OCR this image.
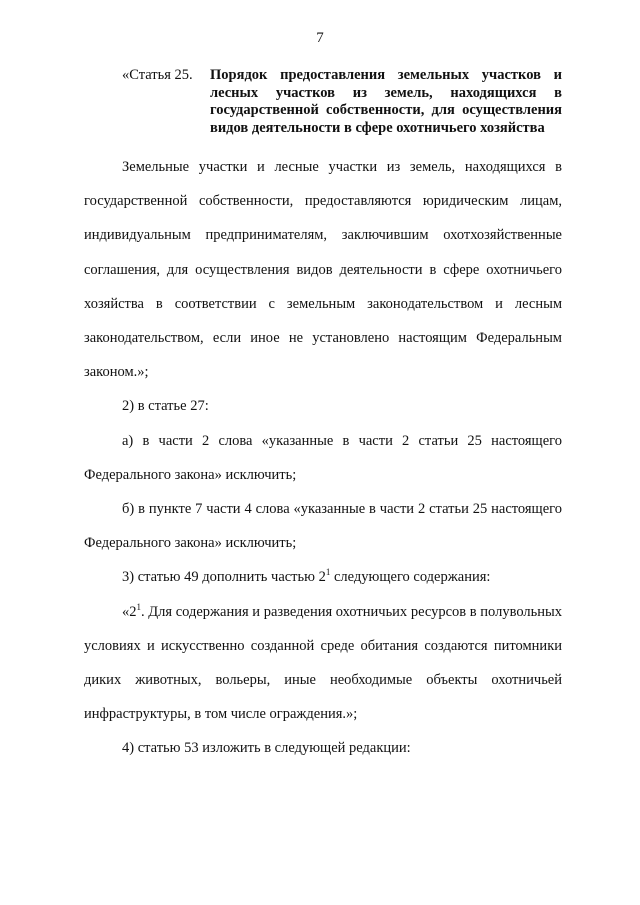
7
«Статья 25. Порядок предоставления земельных участков и лесных участков из земель, находящихся в государственной собственности, для осуществления видов деятельности в сфере охотничьего хозяйства

Земельные участки и лесные участки из земель, находящихся в государственной собственности, предоставляются юридическим лицам, индивидуальным предпринимателям, заключившим охотхозяйственные соглашения, для осуществления видов деятельности в сфере охотничьего хозяйства в соответствии с земельным законодательством и лесным законодательством, если иное не установлено настоящим Федеральным законом.»;

2) в статье 27:

а) в части 2 слова «указанные в части 2 статьи 25 настоящего Федерального закона» исключить;

б) в пункте 7 части 4 слова «указанные в части 2 статьи 25 настоящего Федерального закона» исключить;

3) статью 49 дополнить частью $2^1$ следующего содержания:

«$2^1$. Для содержания и разведения охотничьих ресурсов в полувольных условиях и искусственно созданной среде обитания создаются питомники диких животных, вольеры, иные необходимые объекты охотничьей инфраструктуры, в том числе ограждения.»;

4) статью 53 изложить в следующей редакции:
